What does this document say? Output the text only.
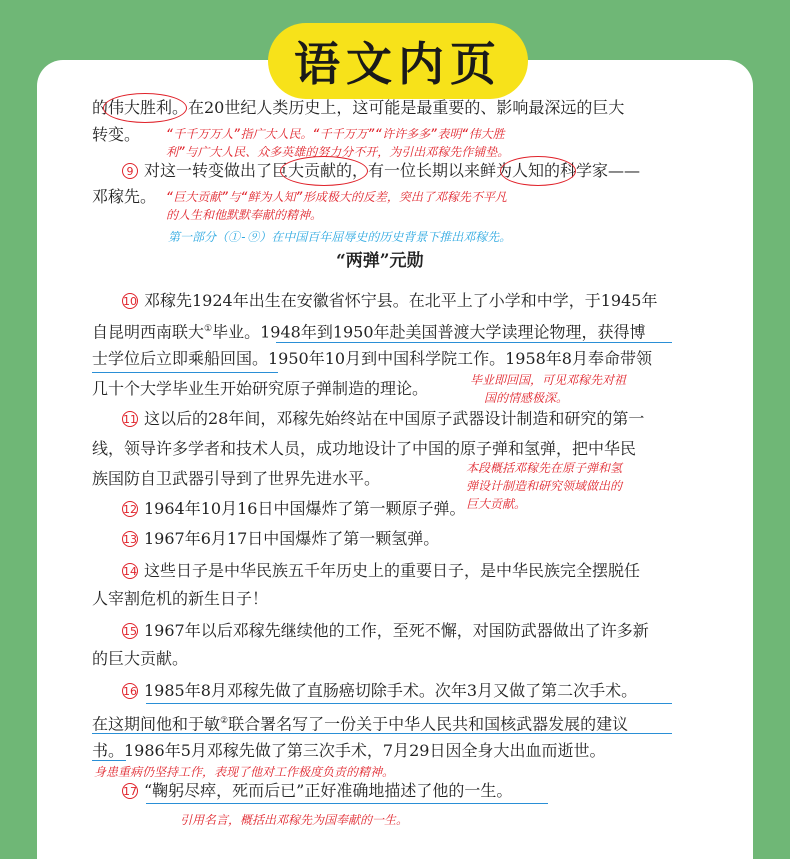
语文内页
的伟大胜利。在20世纪人类历史上，这可能是最重要的、影响最深远的巨大
转变。 “千千万万人”指广大人民。“千千万万”“许许多多”表明“伟大胜
利”与广大人民、众多英雄的努力分不开，为引出邓稼先作铺垫。
9 对这一转变做出了巨大贡献的，有一位长期以来鲜为人知的科学家——
邓稼先。 “巨大贡献”与“鲜为人知”形成极大的反差，突出了邓稼先不平凡
的人生和他默默奉献的精神。
第一部分（①-⑨）在中国百年屈辱史的历史背景下推出邓稼先。
“两弹”元勋
10 邓稼先1924年出生在安徽省怀宁县。在北平上了小学和中学，于1945年
自昆明西南联大①毕业。1948年到1950年赴美国普渡大学读理论物理，获得博
士学位后立即乘船回国。1950年10月到中国科学院工作。1958年8月奉命带领
几十个大学毕业生开始研究原子弹制造的理论。	毕业即回国，可见邓稼先对祖
国的情感极深。
11 这以后的28年间，邓稼先始终站在中国原子武器设计制造和研究的第一
线，领导许多学者和技术人员，成功地设计了中国的原子弹和氢弹，把中华民
族国防自卫武器引导到了世界先进水平。
本段概括邓稼先在原子弹和氢
弹设计制造和研究领域做出的
巨大贡献。
12 1964年10月16日中国爆炸了第一颗原子弹。
13 1967年6月17日中国爆炸了第一颗氢弹。
14 这些日子是中华民族五千年历史上的重要日子，是中华民族完全摆脱任
人宰割危机的新生日子！
15 1967年以后邓稼先继续他的工作，至死不懈，对国防武器做出了许多新
的巨大贡献。
16 1985年8月邓稼先做了直肠癌切除手术。次年3月又做了第二次手术。
在这期间他和于敏②联合署名写了一份关于中华人民共和国核武器发展的建议
书。1986年5月邓稼先做了第三次手术，7月29日因全身大出血而逝世。
身患重病仍坚持工作，表现了他对工作极度负责的精神。
17 “鞠躬尽瘁，死而后已”正好准确地描述了他的一生。
引用名言，概括出邓稼先为国奉献的一生。
